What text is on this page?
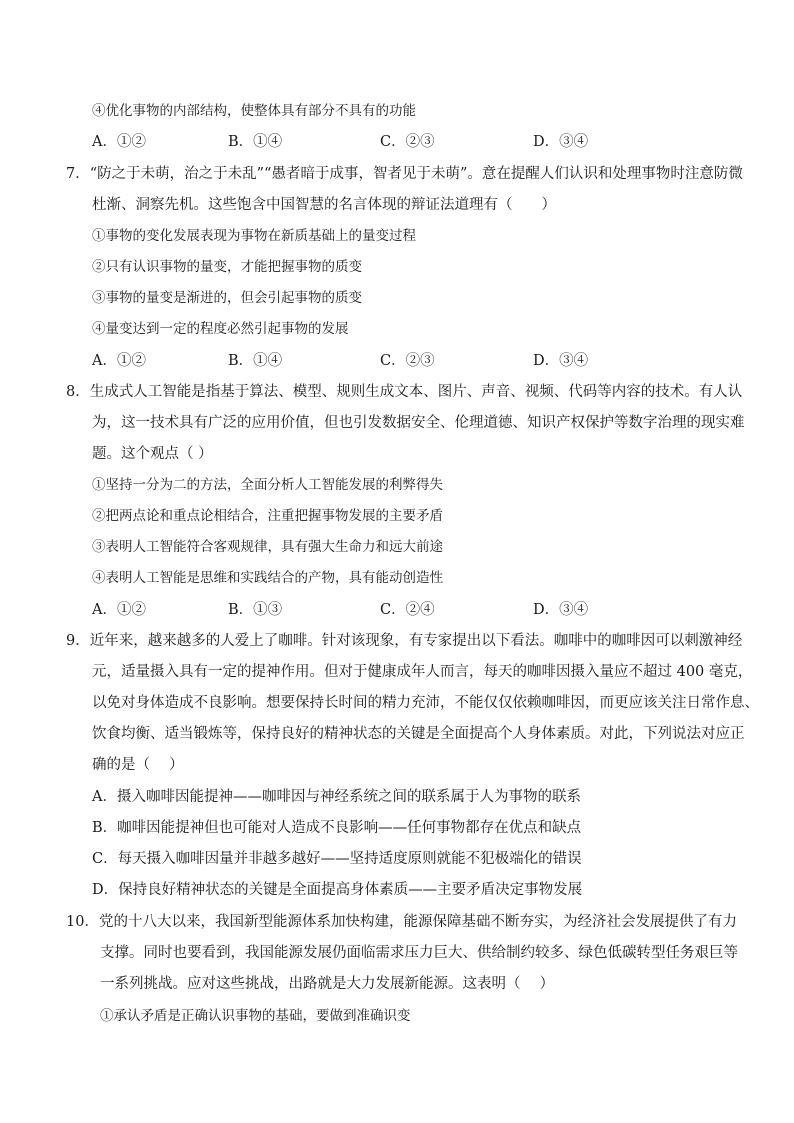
④优化事物的内部结构，使整体具有部分不具有的功能
A．①②	B．①④	C．②③	D．③④
7．“防之于未萌，治之于未乱”“愚者暗于成事，智者见于未萌”。意在提醒人们认识和处理事物时注意防微
杜渐、洞察先机。这些饱含中国智慧的名言体现的辩证法道理有（　　）
①事物的变化发展表现为事物在新质基础上的量变过程
②只有认识事物的量变，才能把握事物的质变
③事物的量变是渐进的，但会引起事物的质变
④量变达到一定的程度必然引起事物的发展
A．①②	B．①④	C．②③	D．③④
8．生成式人工智能是指基于算法、模型、规则生成文本、图片、声音、视频、代码等内容的技术。有人认
为，这一技术具有广泛的应用价值，但也引发数据安全、伦理道德、知识产权保护等数字治理的现实难
题。这个观点（ ）
①坚持一分为二的方法，全面分析人工智能发展的利弊得失
②把两点论和重点论相结合，注重把握事物发展的主要矛盾
③表明人工智能符合客观规律，具有强大生命力和远大前途
④表明人工智能是思维和实践结合的产物，具有能动创造性
A．①②	B．①③	C．②④	D．③④
9．近年来，越来越多的人爱上了咖啡。针对该现象，有专家提出以下看法。咖啡中的咖啡因可以刺激神经
元，适量摄入具有一定的提神作用。但对于健康成年人而言，每天的咖啡因摄入量应不超过 400 毫克，
以免对身体造成不良影响。想要保持长时间的精力充沛，不能仅仅依赖咖啡因，而更应该关注日常作息、
饮食均衡、适当锻炼等，保持良好的精神状态的关键是全面提高个人身体素质。对此，下列说法对应正
确的是（　 ）
A．摄入咖啡因能提神——咖啡因与神经系统之间的联系属于人为事物的联系
B．咖啡因能提神但也可能对人造成不良影响——任何事物都存在优点和缺点
C．每天摄入咖啡因量并非越多越好——坚持适度原则就能不犯极端化的错误
D．保持良好精神状态的关键是全面提高身体素质——主要矛盾决定事物发展
10．党的十八大以来，我国新型能源体系加快构建，能源保障基础不断夯实，为经济社会发展提供了有力
支撑。同时也要看到，我国能源发展仍面临需求压力巨大、供给制约较多、绿色低碳转型任务艰巨等
一系列挑战。应对这些挑战，出路就是大力发展新能源。这表明（　 ）
①承认矛盾是正确认识事物的基础，要做到准确识变
